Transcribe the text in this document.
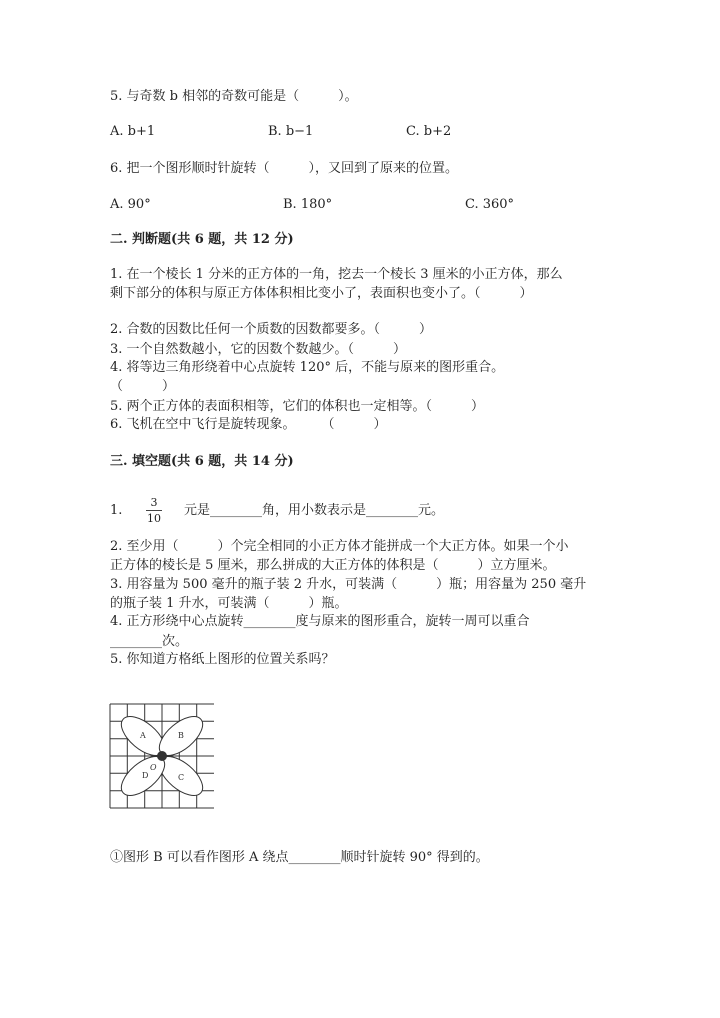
5. 与奇数 b 相邻的奇数可能是（　　　）。
A. b+1	B. b−1	C. b+2
6. 把一个图形顺时针旋转（　　　），又回到了原来的位置。
A. 90°	B. 180°	C. 360°
二. 判断题(共 6 题，共 12 分)
1. 在一个棱长 1 分米的正方体的一角，挖去一个棱长 3 厘米的小正方体，那么
剩下部分的体积与原正方体体积相比变小了，表面积也变小了。（　　　）
2. 合数的因数比任何一个质数的因数都要多。（　　　）
3. 一个自然数越小，它的因数个数越少。（　　　）
4. 将等边三角形绕着中心点旋转 120° 后，不能与原来的图形重合。
（　　　）
5. 两个正方体的表面积相等，它们的体积也一定相等。（　　　）
6. 飞机在空中飞行是旋转现象。　　　（　　　）
三. 填空题(共 6 题，共 14 分)
1.
3
10
元是________角，用小数表示是________元。
2. 至少用（　　　）个完全相同的小正方体才能拼成一个大正方体。如果一个小
正方体的棱长是 5 厘米，那么拼成的大正方体的体积是（　　　）立方厘米。
3. 用容量为 500 毫升的瓶子装 2 升水，可装满（　　　）瓶；用容量为 250 毫升
的瓶子装 1 升水，可装满（　　　）瓶。
4. 正方形绕中心点旋转________度与原来的图形重合，旋转一周可以重合
________次。
5. 你知道方格纸上图形的位置关系吗？
A	B
C
D
O
①图形 B 可以看作图形 A 绕点________顺时针旋转 90° 得到的。
